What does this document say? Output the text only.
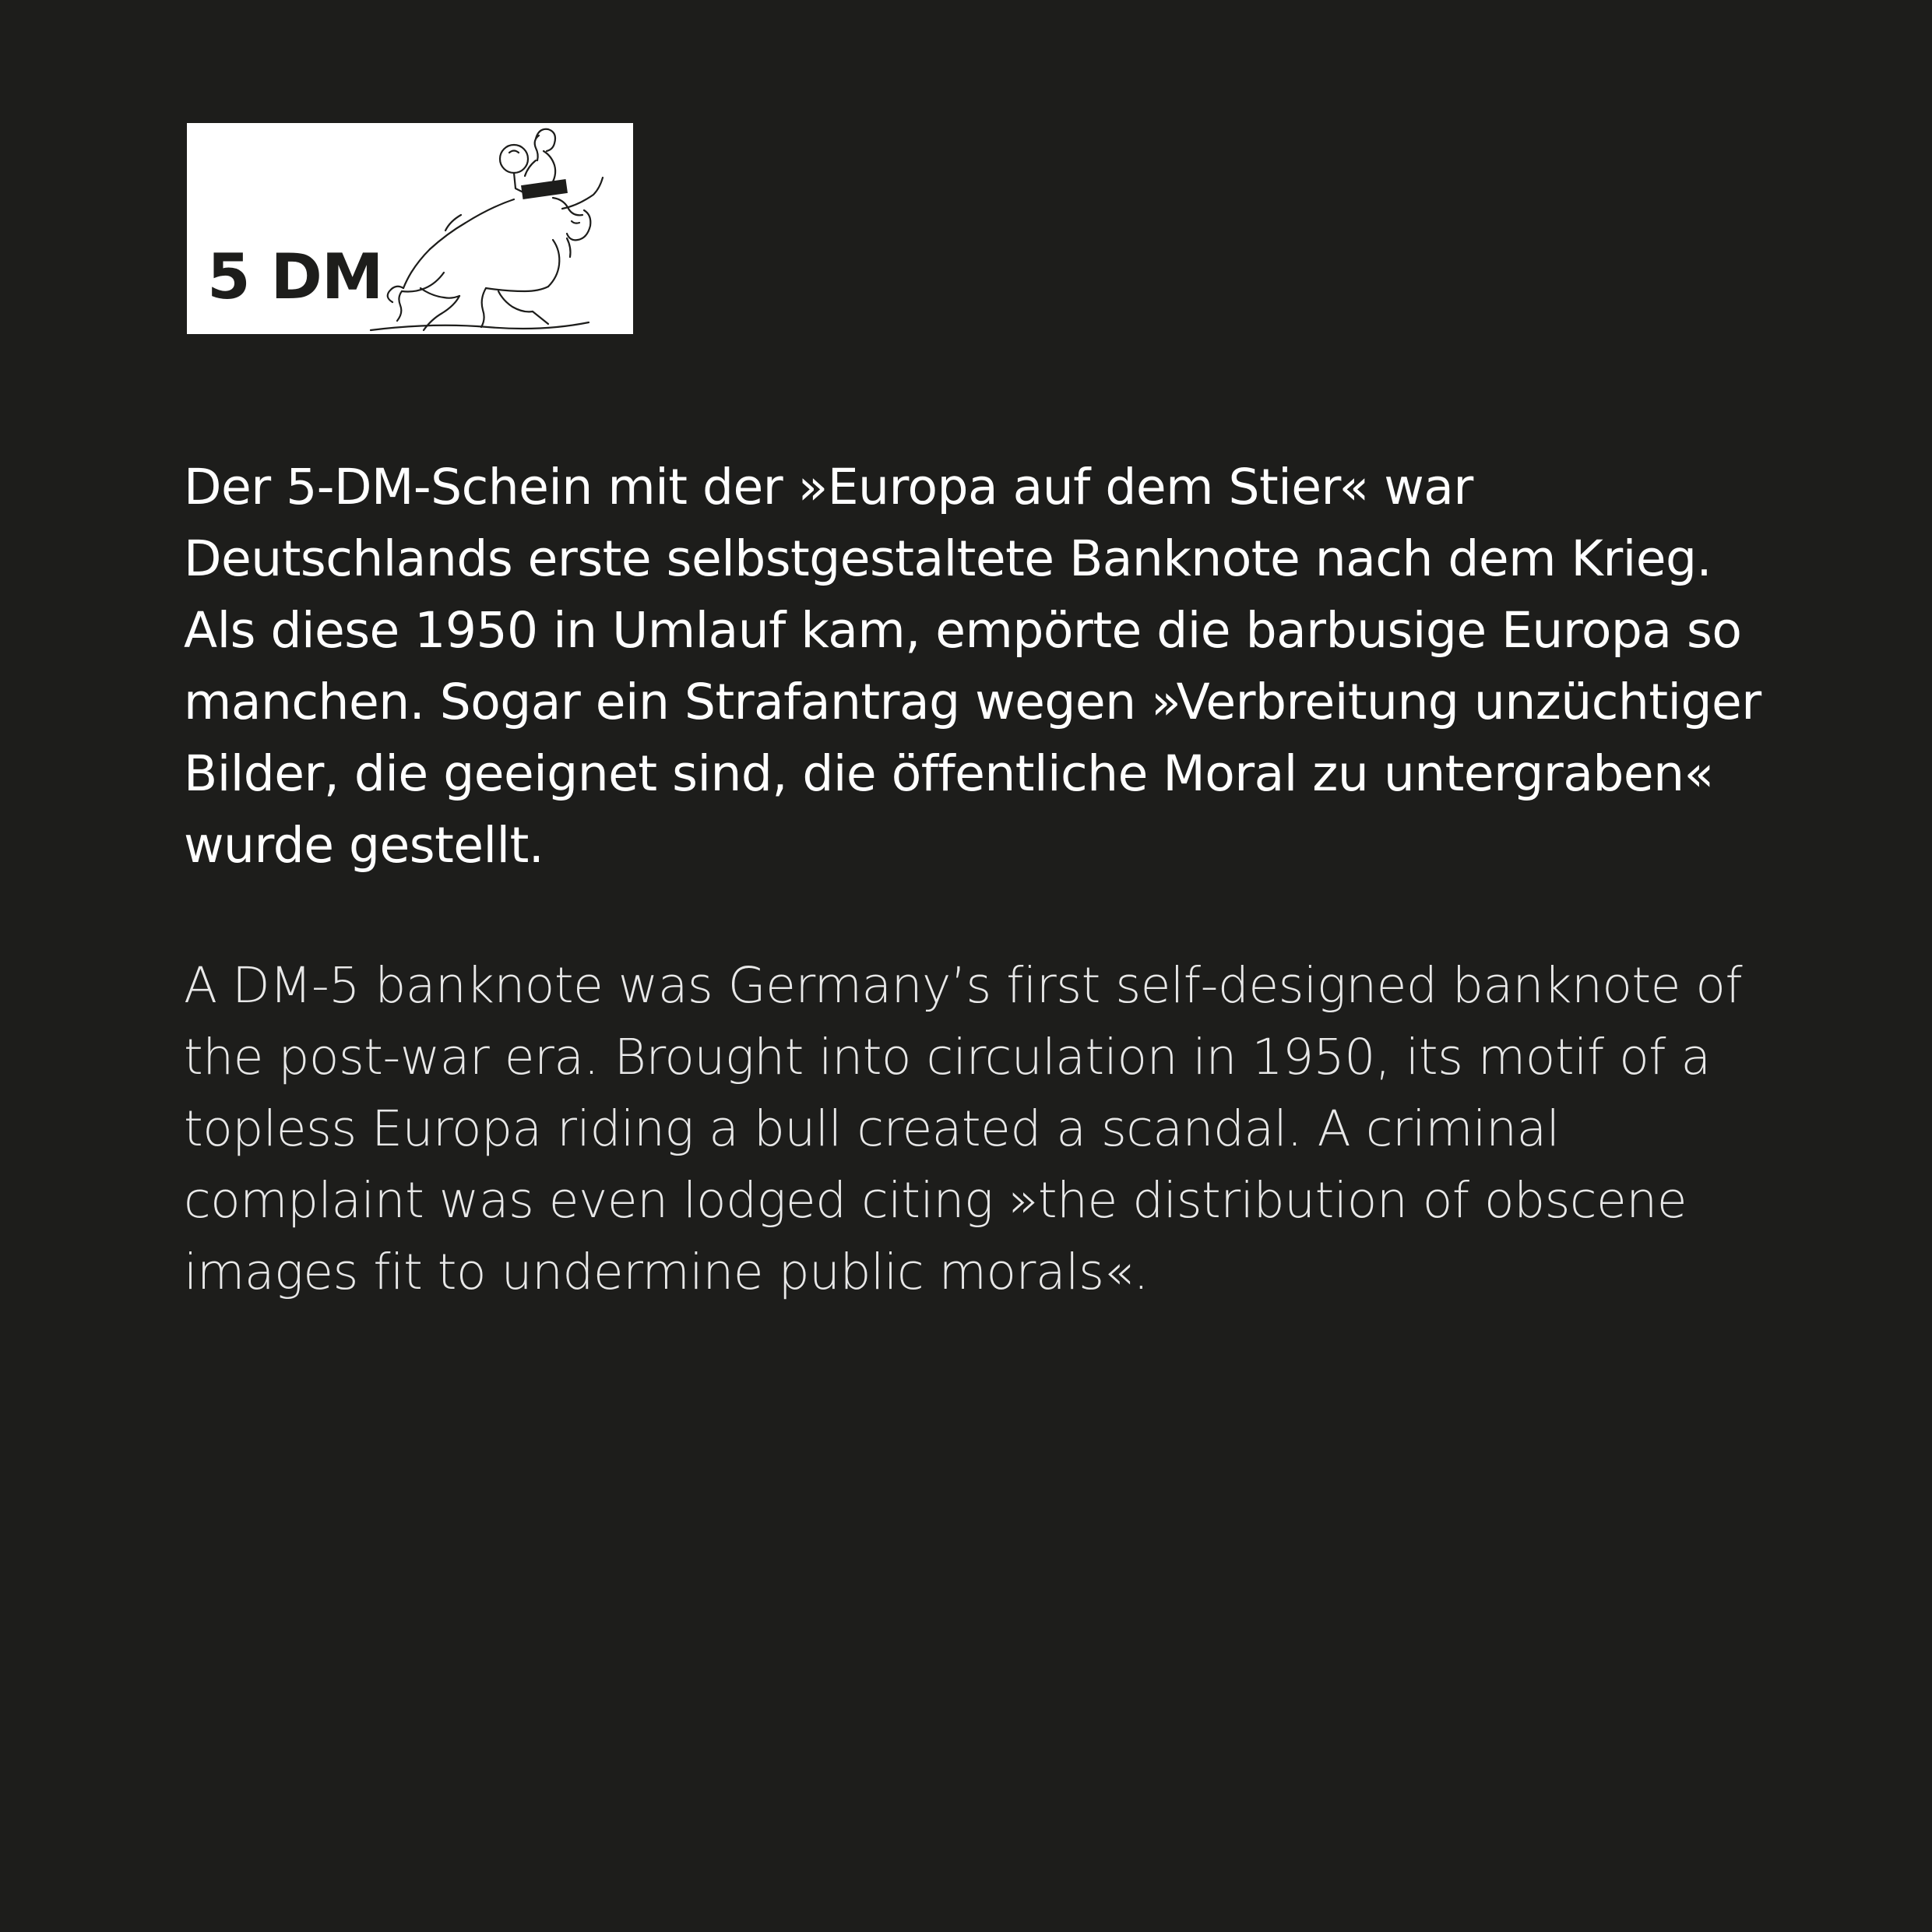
5 DM

Der 5-DM-Schein mit der »Europa auf dem Stier« war Deutschlands erste selbstgestaltete Banknote nach dem Krieg. Als diese 1950 in Umlauf kam, empörte die barbusige Europa so manchen. Sogar ein Strafantrag wegen »Verbreitung unzüchtiger Bilder, die geeignet sind, die öffentliche Moral zu untergraben« wurde gestellt.

A DM-5 banknote was Germany’s first self-designed banknote of the post-war era. Brought into circulation in 1950, its motif of a topless Europa riding a bull created a scandal. A criminal complaint was even lodged citing »the distribution of obscene images fit to undermine public morals«.
